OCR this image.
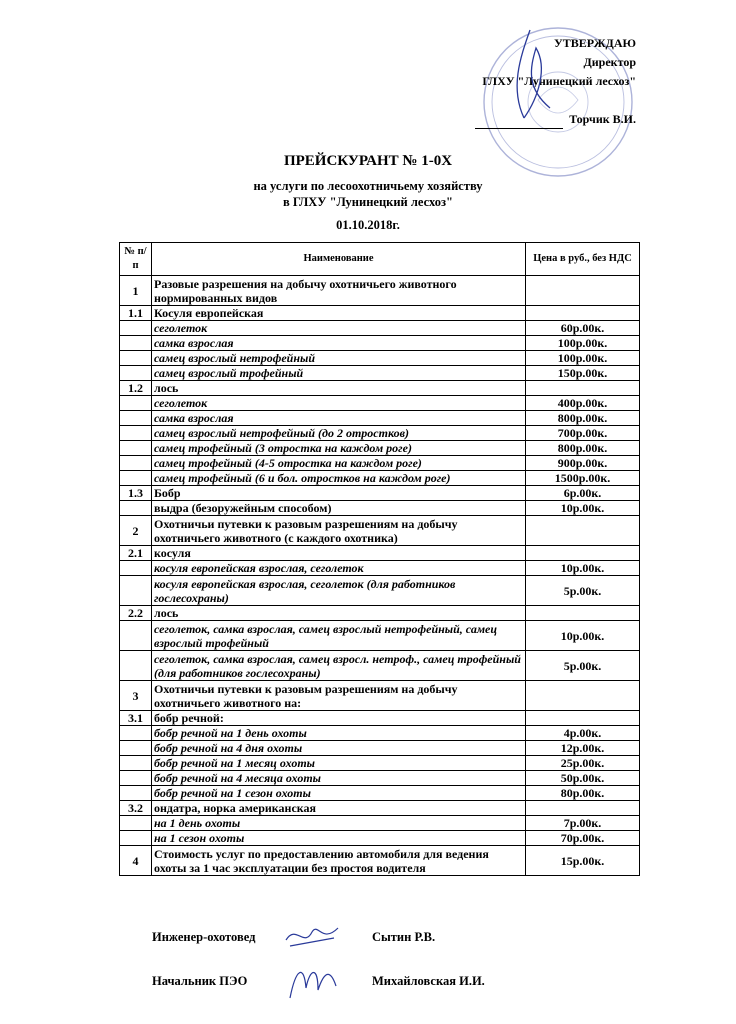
УТВЕРЖДАЮ
Директор
ГЛХУ "Лунинецкий лесхоз"
Торчик В.И.
ПРЕЙСКУРАНТ № 1-0Х
на услуги по лесоохотничьему хозяйству
в ГЛХУ "Лунинецкий лесхоз"
01.10.2018г.
№ п/п	Наименование	Цена в руб., без НДС
1	Разовые разрешения на добычу охотничьего животного нормированных видов	
1.1	Косуля европейская	
	сеголеток	60р.00к.
	самка взрослая	100р.00к.
	самец взрослый нетрофейный	100р.00к.
	самец взрослый трофейный	150р.00к.
1.2	лось	
	сеголеток	400р.00к.
	самка взрослая	800р.00к.
	самец взрослый нетрофейный (до 2 отростков)	700р.00к.
	самец трофейный (3 отростка на каждом роге)	800р.00к.
	самец трофейный (4-5 отростка на каждом роге)	900р.00к.
	самец трофейный (6 и бол. отростков на каждом роге)	1500р.00к.
1.3	Бобр	6р.00к.
	выдра (безоружейным способом)	10р.00к.
2	Охотничьи путевки к разовым разрешениям на добычу охотничьего животного (с каждого охотника)	
2.1	косуля	
	косуля европейская взрослая, сеголеток	10р.00к.
	косуля европейская взрослая, сеголеток (для работников гослесохраны)	5р.00к.
2.2	лось	
	сеголеток, самка взрослая, самец взрослый нетрофейный, самец взрослый трофейный	10р.00к.
	сеголеток, самка взрослая, самец взросл. нетроф., самец трофейный (для работников гослесохраны)	5р.00к.
3	Охотничьи путевки к разовым разрешениям на добычу охотничьего животного на:	
3.1	бобр речной:	
	бобр речной на 1 день охоты	4р.00к.
	бобр речной на 4 дня охоты	12р.00к.
	бобр речной на 1 месяц охоты	25р.00к.
	бобр речной на 4 месяца охоты	50р.00к.
	бобр речной на 1 сезон охоты	80р.00к.
3.2	ондатра, норка американская	
	на 1 день охоты	7р.00к.
	на 1 сезон охоты	70р.00к.
4	Стоимость услуг по предоставлению автомобиля для ведения охоты за 1 час эксплуатации без простоя водителя	15р.00к.
Инженер-охотовед	Сытин Р.В.
Начальник ПЭО	Михайловская И.И.
